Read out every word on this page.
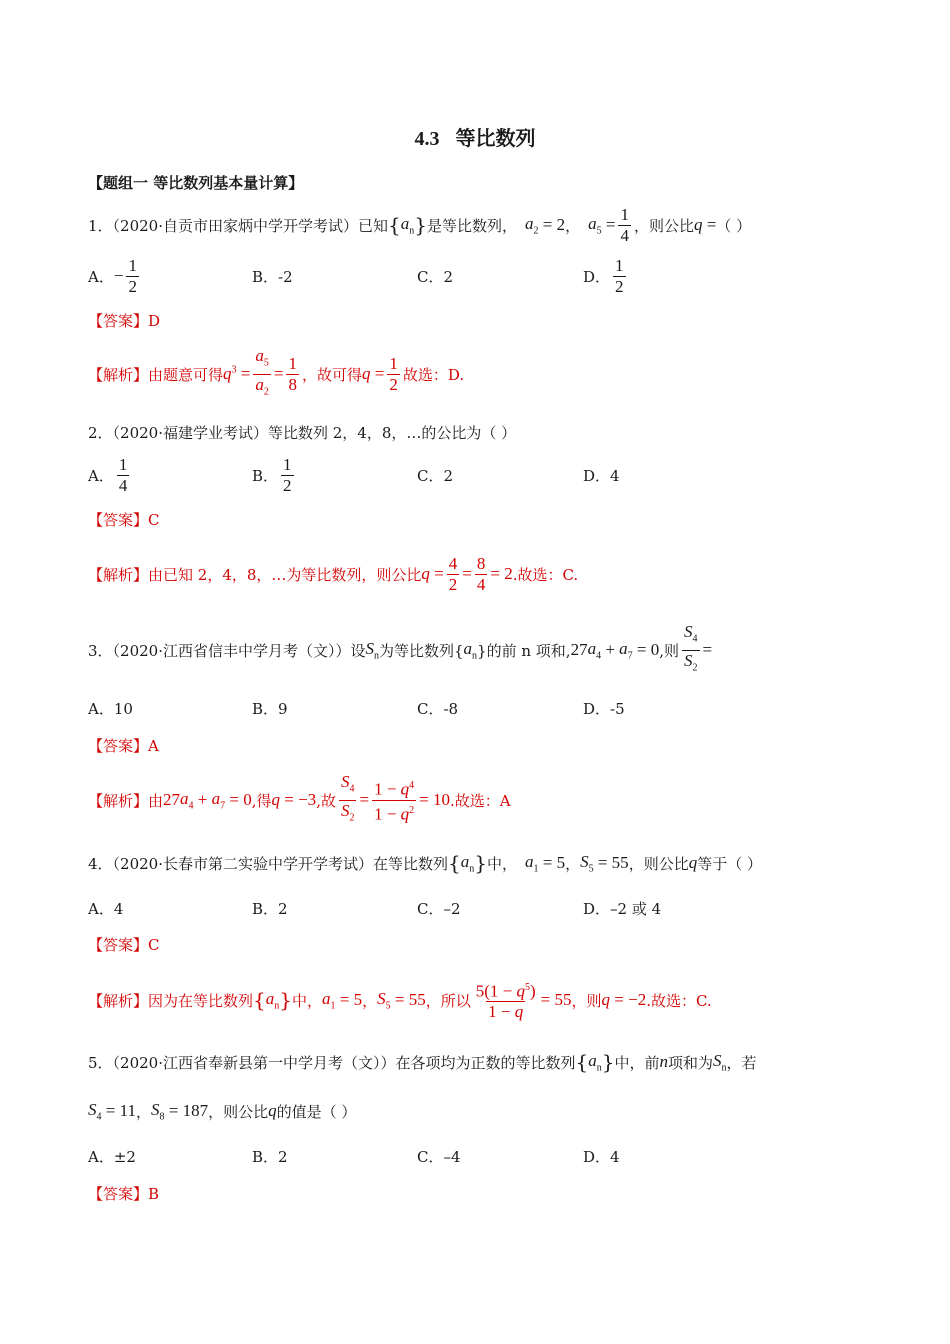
4.3 等比数列
【题组一 等比数列基本量计算】
1．（2020·自贡市田家炳中学开学考试）已知 { $a_n$ } 是等比数列， $a_2 = 2$ ， $a_5 = \frac{1}{4}$ ，则公比 q = （ ）
A． − $\frac{1}{2}$	B．-2	C．2	D． $\frac{1}{2}$
【答案】 D
【解析】 由题意可得 $q^3 = \frac{a_5}{a_2} = \frac{1}{8}$ ，故可得 $q = \frac{1}{2}$ 故选：D.
2．（2020·福建学业考试）等比数列 2，4，8，…的公比为（ ）
A． $\frac{1}{4}$	B． $\frac{1}{2}$	C．2	D．4
【答案】 C
【解析】 由已知 2，4，8，…为等比数列，则公比 $q = \frac{4}{2} = \frac{8}{4} = 2$ .故选：C.
3．（2020·江西省信丰中学月考（文））设 $S_n$ 为等比数列{ $a_n$ }的前 n 项和, 27 $a_4 + a_7 = 0$ ,则 $\frac{S_4}{S_2}$ =
A．10	B．9	C．-8	D．-5
【答案】 A
【解析】 由 27 $a_4 + a_7 = 0$ ,得 q = −3 ,故 $\frac{S_4}{S_2} = \frac{1 - q^4}{1 - q^2} = 10$ .故选：A
4．（2020·长春市第二实验中学开学考试）在等比数列 { $a_n$ } 中， $a_1 = 5$ ， $S_5 = 55$ ，则公比 q 等于（ ）
A．4	B．2	C．–2	D．–2 或 4
【答案】 C
【解析】 因为在等比数列 { $a_n$ } 中， $a_1 = 5$ ， $S_5 = 55$ ，所以 $\frac{5(1 - q^5)}{1 - q} = 55$ ，则 q = −2 .故选：C.
5．（2020·江西省奉新县第一中学月考（文））在各项均为正数的等比数列 { $a_n$ } 中，前 n 项和为 $S_n$ ，若
$S_4 = 11$ ， $S_8 = 187$ ，则公比 q 的值是（ ）
A．±2	B．2	C．–4	D．4
【答案】 B
